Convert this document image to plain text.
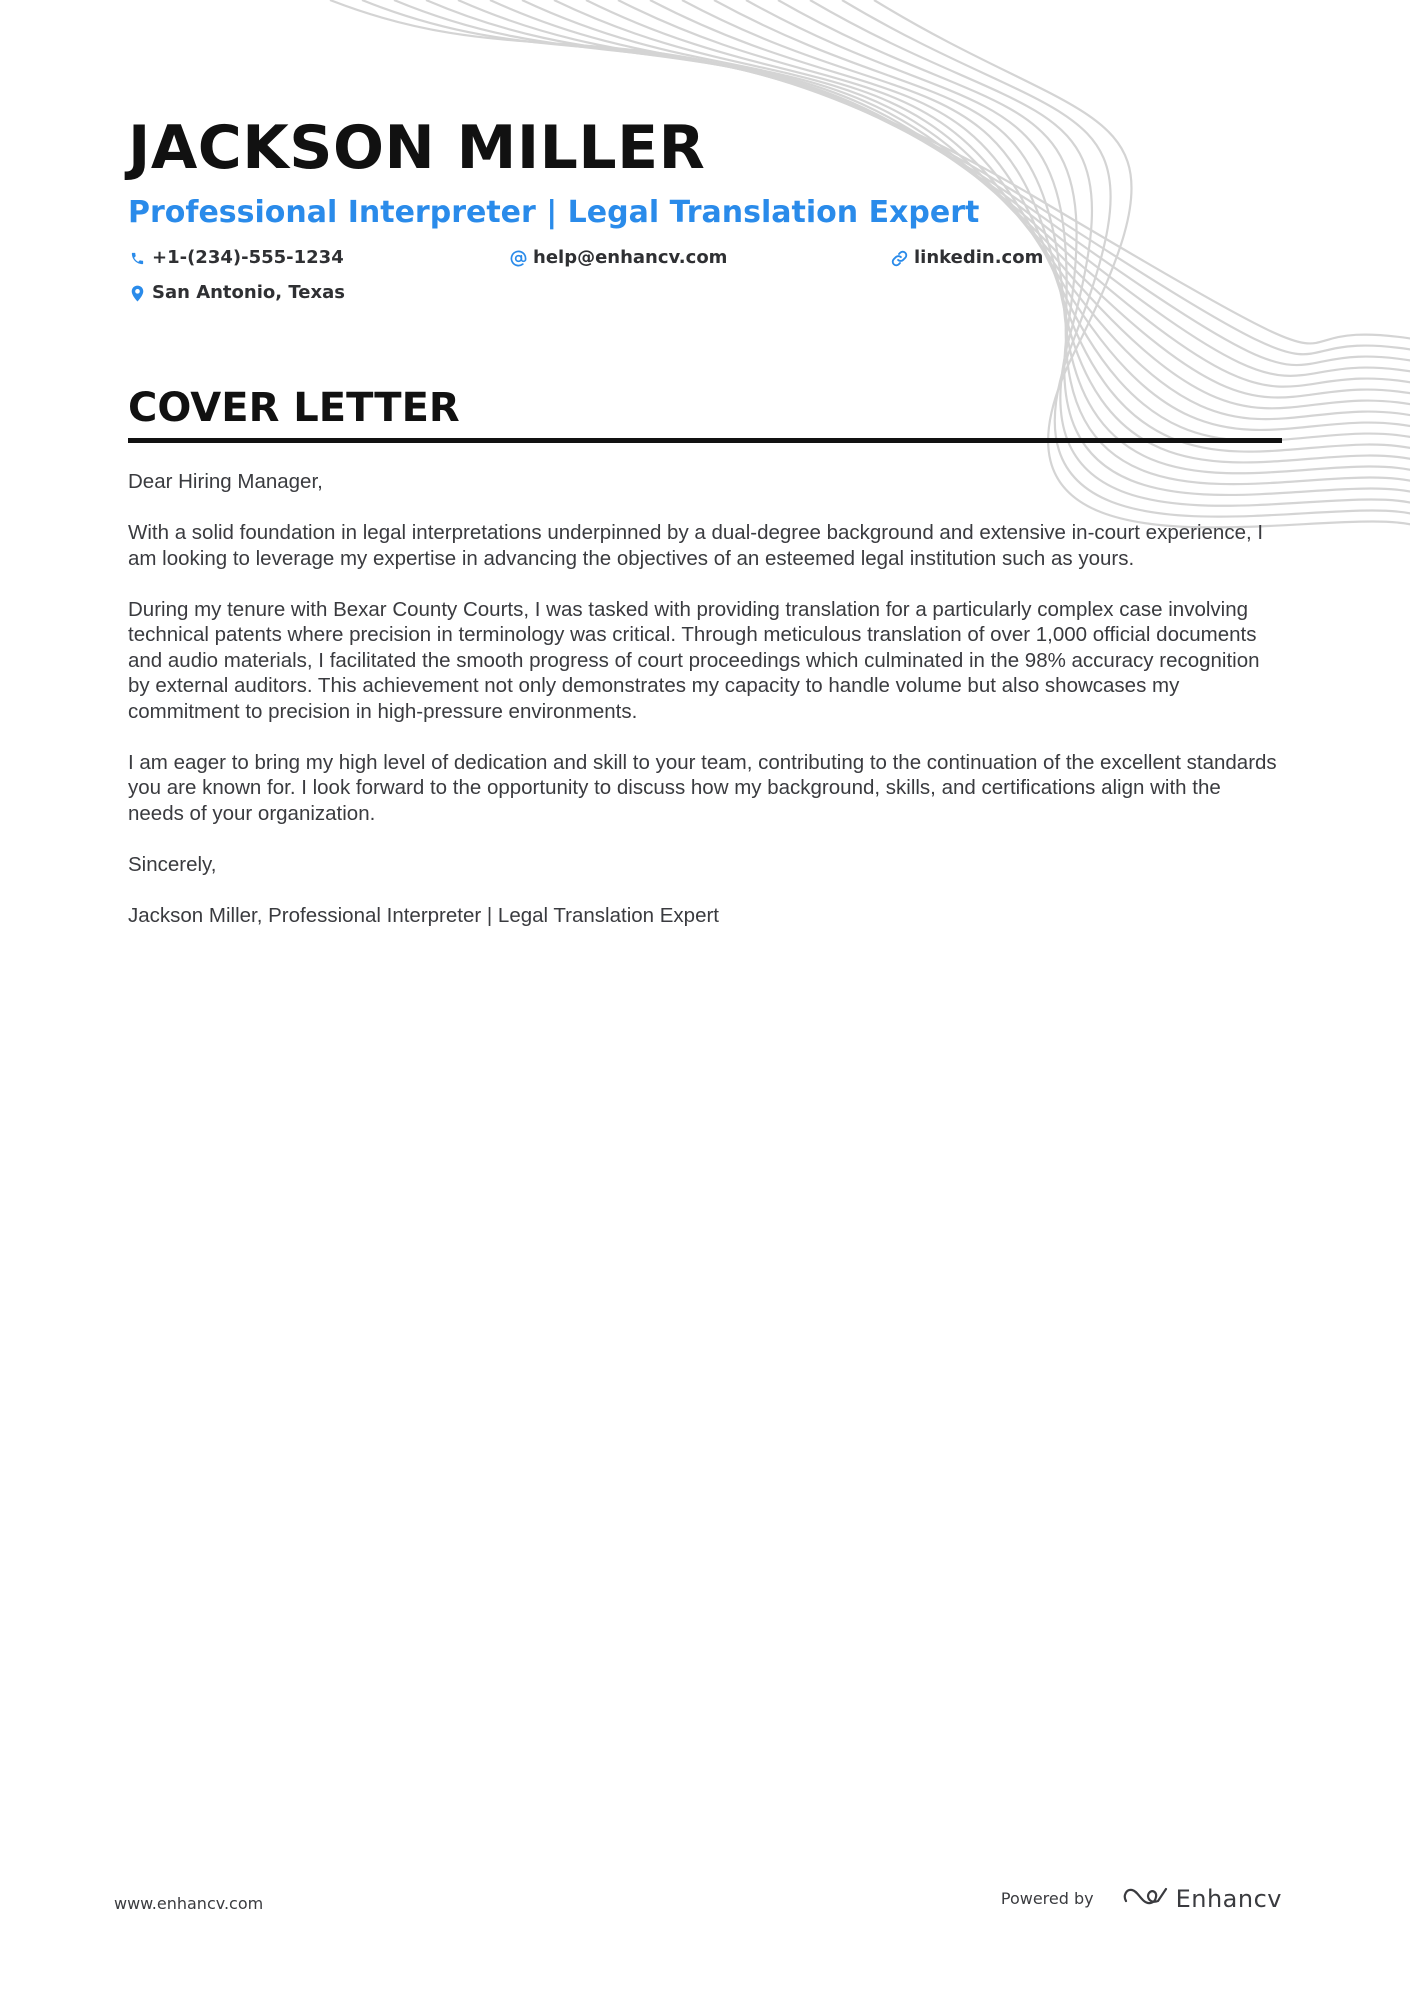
JACKSON MILLER
Professional Interpreter | Legal Translation Expert
+1-(234)-555-1234	help@enhancv.com	linkedin.com
San Antonio, Texas
COVER LETTER

Dear Hiring Manager,

With a solid foundation in legal interpretations underpinned by a dual-degree background and extensive in-court experience, I am looking to leverage my expertise in advancing the objectives of an esteemed legal institution such as yours.

During my tenure with Bexar County Courts, I was tasked with providing translation for a particularly complex case involving technical patents where precision in terminology was critical. Through meticulous translation of over 1,000 official documents and audio materials, I facilitated the smooth progress of court proceedings which culminated in the 98% accuracy recognition by external auditors. This achievement not only demonstrates my capacity to handle volume but also showcases my commitment to precision in high-pressure environments.

I am eager to bring my high level of dedication and skill to your team, contributing to the continuation of the excellent standards you are known for. I look forward to the opportunity to discuss how my background, skills, and certifications align with the needs of your organization.

Sincerely,

Jackson Miller, Professional Interpreter | Legal Translation Expert

www.enhancv.com	Powered by	Enhancv
